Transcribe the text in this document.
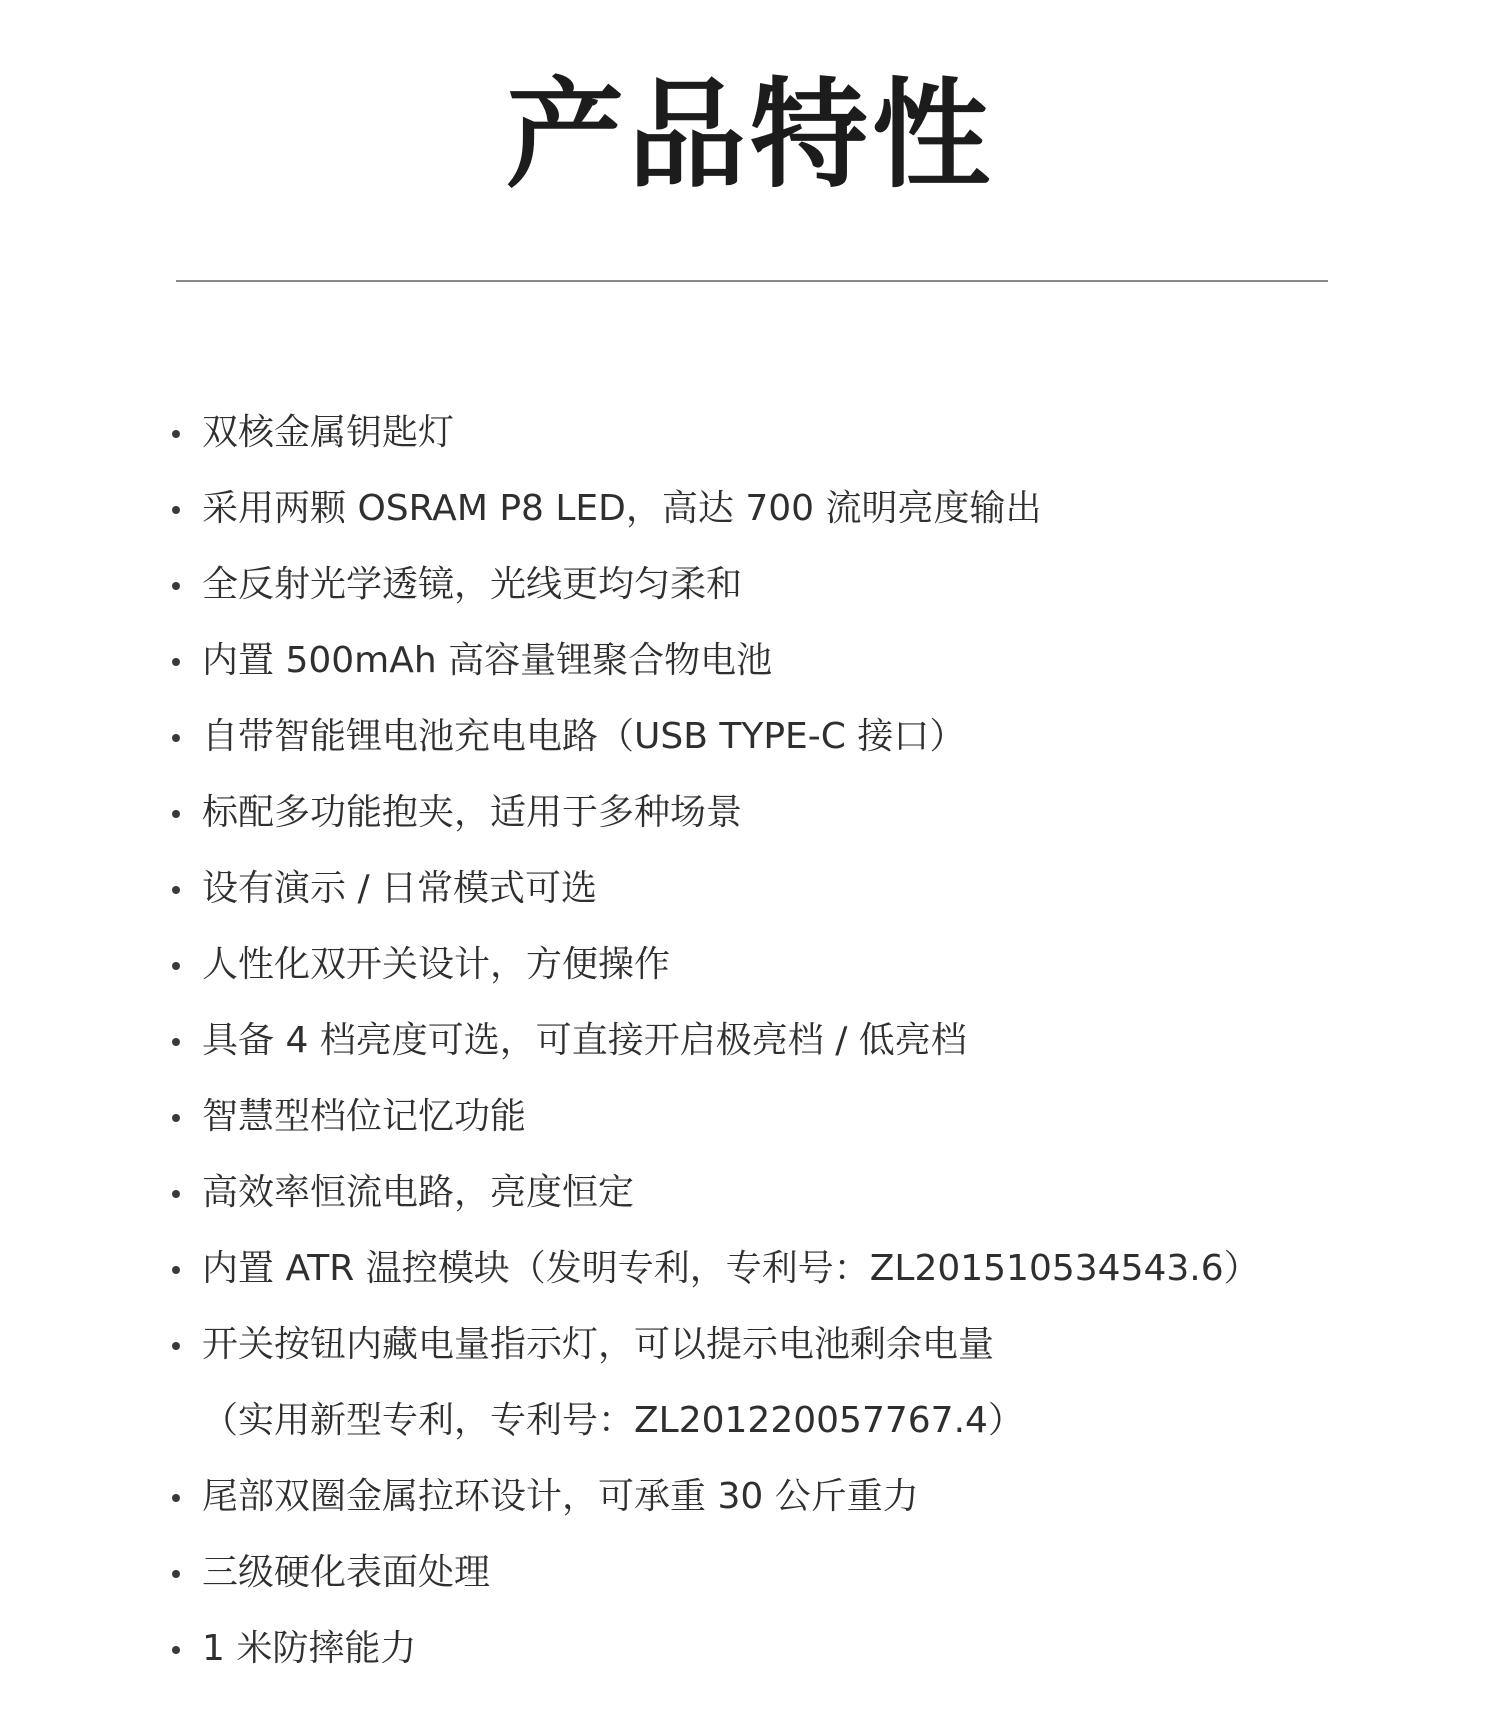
产品特性
双核金属钥匙灯
采用两颗 OSRAM P8 LED，高达 700 流明亮度输出
全反射光学透镜，光线更均匀柔和
内置 500mAh 高容量锂聚合物电池
自带智能锂电池充电电路（USB TYPE-C 接口）
标配多功能抱夹，适用于多种场景
设有演示 / 日常模式可选
人性化双开关设计，方便操作
具备 4 档亮度可选，可直接开启极亮档 / 低亮档
智慧型档位记忆功能
高效率恒流电路，亮度恒定
内置 ATR 温控模块（发明专利，专利号：ZL201510534543.6）
开关按钮内藏电量指示灯，可以提示电池剩余电量
（实用新型专利，专利号：ZL201220057767.4）
尾部双圈金属拉环设计，可承重 30 公斤重力
三级硬化表面处理
1 米防摔能力
